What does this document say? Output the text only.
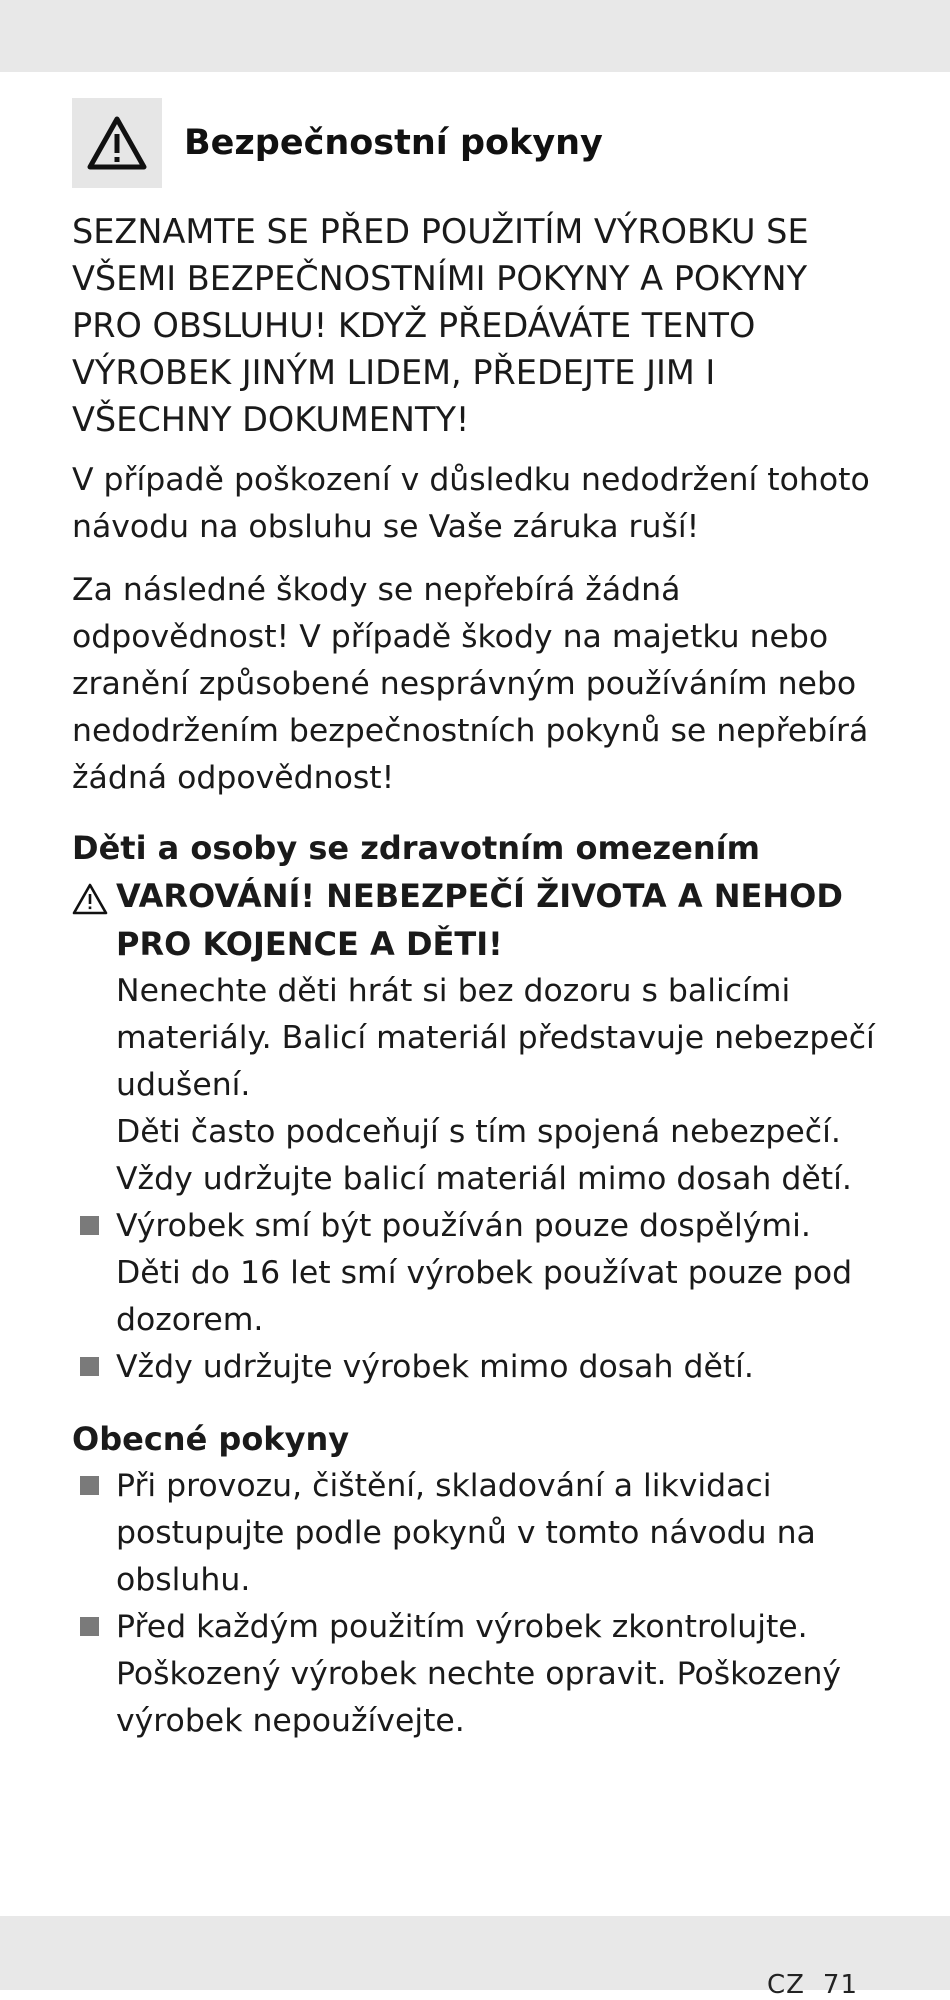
Bezpečnostní pokyny
SEZNAMTE SE PŘED POUŽITÍM VÝROBKU SE VŠEMI BEZPEČNOSTNÍMI POKYNY A POKYNY PRO OBSLUHU! KDYŽ PŘEDÁVÁTE TENTO VÝROBEK JINÝM LIDEM, PŘEDEJTE JIM I VŠECHNY DOKUMENTY!
V případě poškození v důsledku nedodržení tohoto návodu na obsluhu se Vaše záruka ruší!
Za následné škody se nepřebírá žádná odpovědnost! V případě škody na majetku nebo zranění způsobené nesprávným používáním nebo nedodržením bezpečnostních pokynů se nepřebírá žádná odpovědnost!
Děti a osoby se zdravotním omezením
VAROVÁNÍ! NEBEZPEČÍ ŽIVOTA A NEHOD PRO KOJENCE A DĚTI!
Nenechte děti hrát si bez dozoru s balicími materiály. Balicí materiál představuje nebezpečí udušení.
Děti často podceňují s tím spojená nebezpečí. Vždy udržujte balicí materiál mimo dosah dětí.
Výrobek smí být používán pouze dospělými. Děti do 16 let smí výrobek používat pouze pod dozorem.
Vždy udržujte výrobek mimo dosah dětí.
Obecné pokyny
Při provozu, čištění, skladování a likvidaci postupujte podle pokynů v tomto návodu na obsluhu.
Před každým použitím výrobek zkontrolujte. Poškozený výrobek nechte opravit. Poškozený výrobek nepoužívejte.
CZ 71
